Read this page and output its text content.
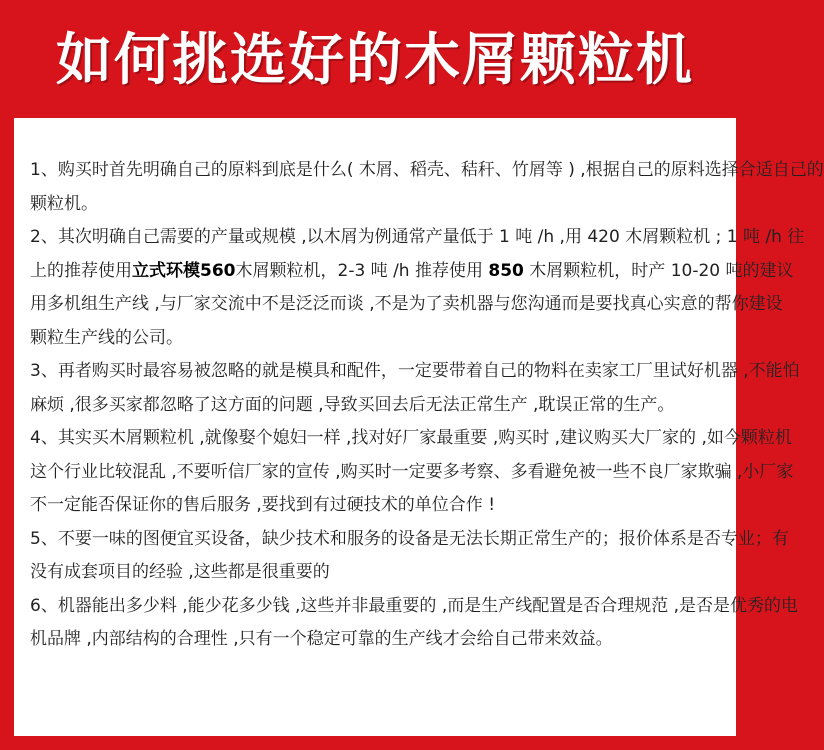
如何挑选好的木屑颗粒机

1、购买时首先明确自己的原料到底是什么( 木屑、稻壳、秸秆、竹屑等 ) ,根据自己的原料选择合适自己的
颗粒机。

2、其次明确自己需要的产量或规模 ,以木屑为例通常产量低于 1 吨 /h ,用 420 木屑颗粒机 ; 1 吨 /h 往
上的推荐使用立式环模560木屑颗粒机，2-3 吨 /h 推荐使用 850 木屑颗粒机，时产 10-20 吨的建议
用多机组生产线 ,与厂家交流中不是泛泛而谈 ,不是为了卖机器与您沟通而是要找真心实意的帮你建设
颗粒生产线的公司。

3、再者购买时最容易被忽略的就是模具和配件，一定要带着自己的物料在卖家工厂里试好机器 ,不能怕
麻烦 ,很多买家都忽略了这方面的问题 ,导致买回去后无法正常生产 ,耽误正常的生产。

4、其实买木屑颗粒机 ,就像娶个媳妇一样 ,找对好厂家最重要 ,购买时 ,建议购买大厂家的 ,如今颗粒机
这个行业比较混乱 ,不要听信厂家的宣传 ,购买时一定要多考察、多看避免被一些不良厂家欺骗 ,小厂家
不一定能否保证你的售后服务 ,要找到有过硬技术的单位合作 !

5、不要一味的图便宜买设备，缺少技术和服务的设备是无法长期正常生产的；报价体系是否专业；有
没有成套项目的经验 ,这些都是很重要的

6、机器能出多少料 ,能少花多少钱 ,这些并非最重要的 ,而是生产线配置是否合理规范 ,是否是优秀的电
机品牌 ,内部结构的合理性 ,只有一个稳定可靠的生产线才会给自己带来效益。
